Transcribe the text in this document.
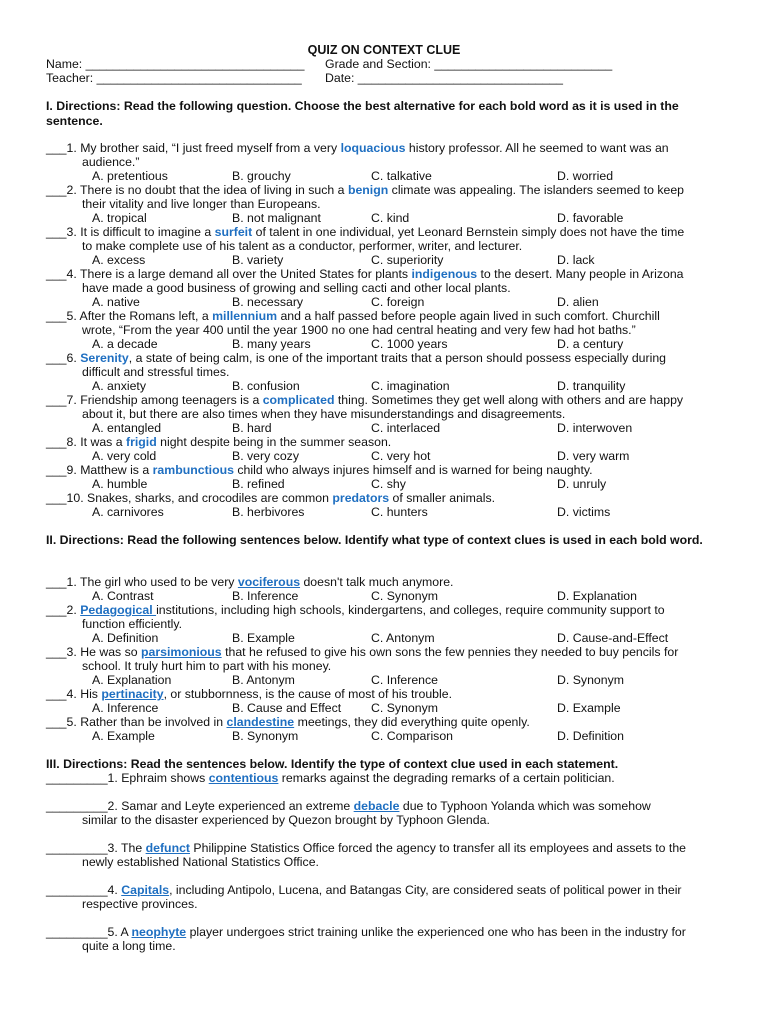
QUIZ ON CONTEXT CLUE
Name: ________________________________ Grade and Section: __________________________
Teacher: ______________________________ Date: ______________________________
I. Directions: Read the following question. Choose the best alternative for each bold word as it is used in the sentence.
___1. My brother said, “I just freed myself from a very loquacious history professor. All he seemed to want was an
audience.”
A. pretentious	B. grouchy	C. talkative	D. worried
___2. There is no doubt that the idea of living in such a benign climate was appealing. The islanders seemed to keep
their vitality and live longer than Europeans.
A. tropical	B. not malignant	C. kind	D. favorable
___3. It is difficult to imagine a surfeit of talent in one individual, yet Leonard Bernstein simply does not have the time
to make complete use of his talent as a conductor, performer, writer, and lecturer.
A. excess	B. variety	C. superiority	D. lack
___4. There is a large demand all over the United States for plants indigenous to the desert. Many people in Arizona
have made a good business of growing and selling cacti and other local plants.
A. native	B. necessary	C. foreign	D. alien
___5. After the Romans left, a millennium and a half passed before people again lived in such comfort. Churchill
wrote, “From the year 400 until the year 1900 no one had central heating and very few had hot baths.”
A. a decade	B. many years	C. 1000 years	D. a century
___6. Serenity, a state of being calm, is one of the important traits that a person should possess especially during
difficult and stressful times.
A. anxiety	B. confusion	C. imagination	D. tranquility
___7. Friendship among teenagers is a complicated thing. Sometimes they get well along with others and are happy
about it, but there are also times when they have misunderstandings and disagreements.
A. entangled	B. hard	C. interlaced	D. interwoven
___8. It was a frigid night despite being in the summer season.
A. very cold	B. very cozy	C. very hot	D. very warm
___9. Matthew is a rambunctious child who always injures himself and is warned for being naughty.
A. humble	B. refined	C. shy	D. unruly
___10. Snakes, sharks, and crocodiles are common predators of smaller animals.
A. carnivores	B. herbivores	C. hunters	D. victims
II. Directions: Read the following sentences below. Identify what type of context clues is used in each bold word.
___1. The girl who used to be very vociferous doesn't talk much anymore.
A. Contrast	B. Inference	C. Synonym	D. Explanation
___2. Pedagogical institutions, including high schools, kindergartens, and colleges, require community support to
function efficiently.
A. Definition	B. Example	C. Antonym	D. Cause-and-Effect
___3. He was so parsimonious that he refused to give his own sons the few pennies they needed to buy pencils for
school. It truly hurt him to part with his money.
A. Explanation	B. Antonym	C. Inference	D. Synonym
___4. His pertinacity, or stubbornness, is the cause of most of his trouble.
A. Inference	B. Cause and Effect C. Synonym	D. Example
___5. Rather than be involved in clandestine meetings, they did everything quite openly.
A. Example	B. Synonym	C. Comparison	D. Definition
III. Directions: Read the sentences below. Identify the type of context clue used in each statement.
_________1. Ephraim shows contentious remarks against the degrading remarks of a certain politician.
_________2. Samar and Leyte experienced an extreme debacle due to Typhoon Yolanda which was somehow
similar to the disaster experienced by Quezon brought by Typhoon Glenda.
_________3. The defunct Philippine Statistics Office forced the agency to transfer all its employees and assets to the
newly established National Statistics Office.
_________4. Capitals, including Antipolo, Lucena, and Batangas City, are considered seats of political power in their
respective provinces.
_________5. A neophyte player undergoes strict training unlike the experienced one who has been in the industry for
quite a long time.
